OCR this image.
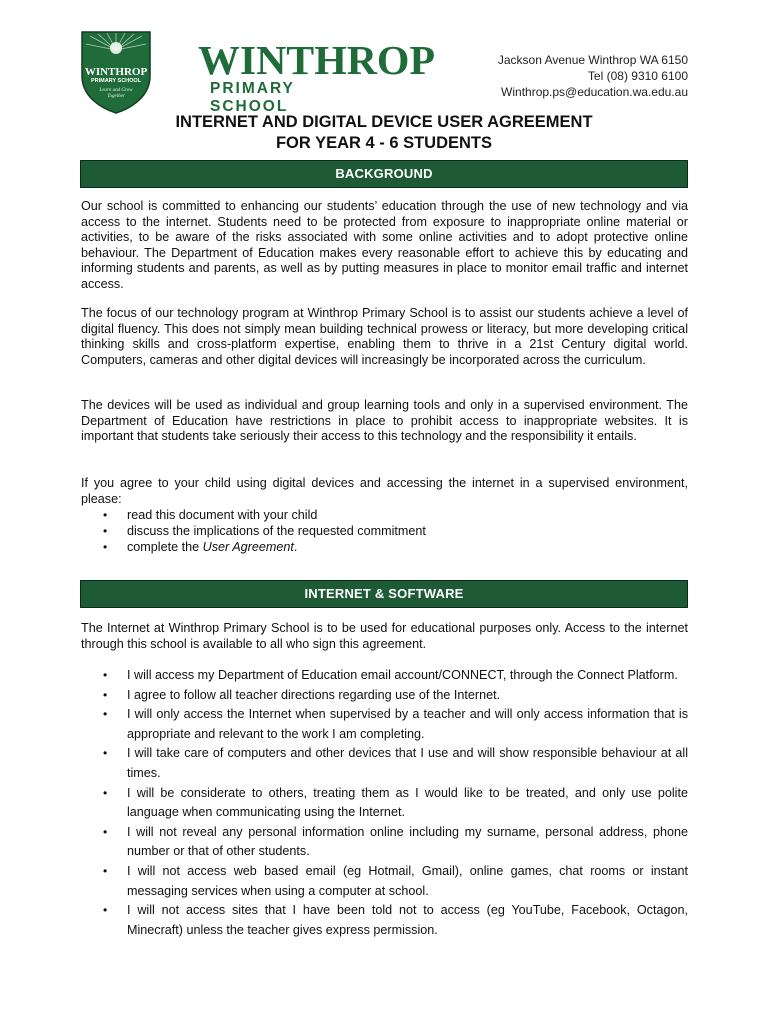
WINTHROP
PRIMARY SCHOOL
Learn and Grow Together
WINTHROP
PRIMARY SCHOOL
Jackson Avenue Winthrop WA 6150
Tel (08) 9310 6100
Winthrop.ps@education.wa.edu.au
INTERNET AND DIGITAL DEVICE USER AGREEMENT
FOR YEAR 4 - 6 STUDENTS
BACKGROUND

Our school is committed to enhancing our students’ education through the use of new technology and via access to the internet. Students need to be protected from exposure to inappropriate online material or activities, to be aware of the risks associated with some online activities and to adopt protective online behaviour. The Department of Education makes every reasonable effort to achieve this by educating and informing students and parents, as well as by putting measures in place to monitor email traffic and internet access.

The focus of our technology program at Winthrop Primary School is to assist our students achieve a level of digital fluency. This does not simply mean building technical prowess or literacy, but more developing critical thinking skills and cross-platform expertise, enabling them to thrive in a 21st Century digital world. Computers, cameras and other digital devices will increasingly be incorporated across the curriculum.

The devices will be used as individual and group learning tools and only in a supervised environment. The Department of Education have restrictions in place to prohibit access to inappropriate websites. It is important that students take seriously their access to this technology and the responsibility it entails.

If you agree to your child using digital devices and accessing the internet in a supervised environment, please:

• read this document with your child
• discuss the implications of the requested commitment
• complete the User Agreement.
INTERNET & SOFTWARE

The Internet at Winthrop Primary School is to be used for educational purposes only. Access to the internet through this school is available to all who sign this agreement.

• I will access my Department of Education email account/CONNECT, through the Connect Platform.
• I agree to follow all teacher directions regarding use of the Internet.
• I will only access the Internet when supervised by a teacher and will only access information that is appropriate and relevant to the work I am completing.
• I will take care of computers and other devices that I use and will show responsible behaviour at all times.
• I will be considerate to others, treating them as I would like to be treated, and only use polite language when communicating using the Internet.
• I will not reveal any personal information online including my surname, personal address, phone number or that of other students.
• I will not access web based email (eg Hotmail, Gmail), online games, chat rooms or instant messaging services when using a computer at school.
• I will not access sites that I have been told not to access (eg YouTube, Facebook, Octagon, Minecraft) unless the teacher gives express permission.
